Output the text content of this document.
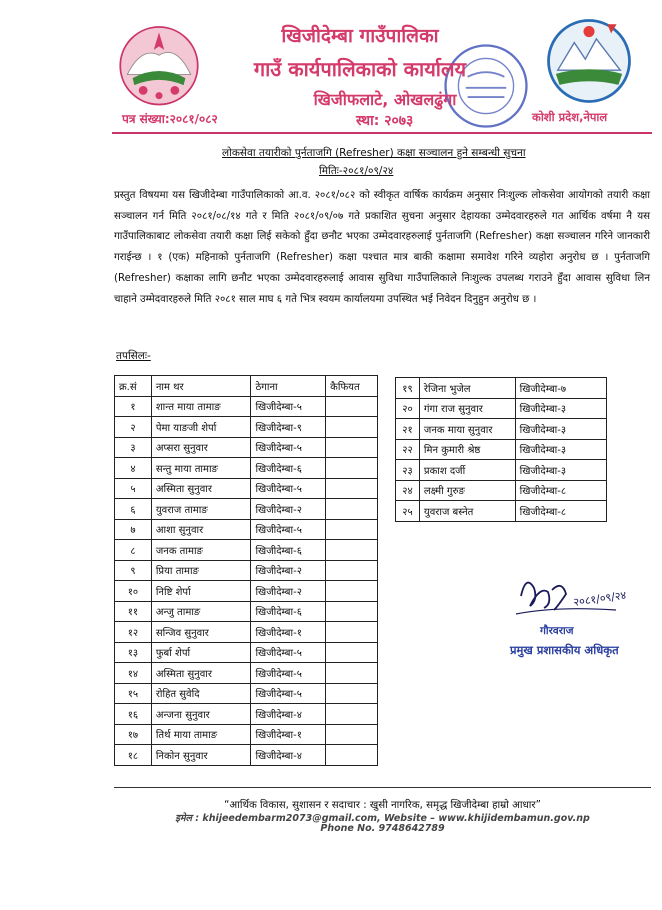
खिजीदेम्बा गाउँपालिका
गाउँ कार्यपालिकाको कार्यालय
खिजीफलाटे, ओखलढुंगा
पत्र संख्या:२०८१/०८२	स्था: २०७३	कोशी प्रदेश,नेपाल
लोकसेवा तयारीको पुर्नताजगि (Refresher) कक्षा सञ्चालन हुने सम्बन्धी सुचना
मितिः-२०८१/०९/२४
प्रस्तुत विषयमा यस खिजीदेम्बा गाउँपालिकाको आ.व. २०८१/०८२ को स्वीकृत वार्षिक कार्यक्रम अनुसार निःशुल्क लोकसेवा आयोगको तयारी कक्षा सञ्चालन गर्न मिति २०८१/०८/१४ गते र मिति २०८१/०९/०७ गते प्रकाशित सुचना अनुसार देहायका उम्मेदवारहरुले गत आर्थिक वर्षमा नै यस गाउँपालिकाबाट लोकसेवा तयारी कक्षा लिई सकेको हुँदा छनौट भएका उम्मेदवारहरुलाई पुर्नताजगि (Refresher) कक्षा सञ्चालन गरिने जानकारी गराईन्छ । १ (एक) महिनाको पुर्नताजगि (Refresher) कक्षा पश्चात मात्र बाकी कक्षामा समावेश गरिने व्यहोरा अनुरोध छ । पुर्नताजगि (Refresher) कक्षाका लागि छनौट भएका उम्मेदवारहरुलाई आवास सुविधा गाउँपालिकाले निःशुल्क उपलब्ध गराउने हुँदा आवास सुविधा लिन चाहाने उम्मेदवारहरुले मिति २०८१ साल माघ ६ गते भित्र स्वयम कार्यालयमा उपस्थित भई निवेदन दिनुहुन अनुरोध छ ।
तपसिलः-
क्र.सं	नाम थर	ठेगाना	कैफियत
१	शान्त माया तामाङ	खिजीदेम्बा-५	
२	पेमा याङजी शेर्पा	खिजीदेम्बा-९	
३	अप्सरा सुनुवार	खिजीदेम्बा-५	
४	सन्तु माया तामाङ	खिजीदेम्बा-६	
५	अस्मिता सुनुवार	खिजीदेम्बा-५	
६	युवराज तामाङ	खिजीदेम्बा-२	
७	आशा सुनुवार	खिजीदेम्बा-५	
८	जनक तामाङ	खिजीदेम्बा-६	
९	प्रिया तामाङ	खिजीदेम्बा-२	
१०	निष्टि शेर्पा	खिजीदेम्बा-२	
११	अन्जु तामाङ	खिजीदेम्बा-६	
१२	सन्जिव सुनुवार	खिजीदेम्बा-१	
१३	फुर्बा शेर्पा	खिजीदेम्बा-५	
१४	अस्मिता सुनुवार	खिजीदेम्बा-५	
१५	रोहित सुवेदि	खिजीदेम्बा-५	
१६	अन्जना सुनुवार	खिजीदेम्बा-४	
१७	तिर्थ माया तामाङ	खिजीदेम्बा-१	
१८	निकोन सुनुवार	खिजीदेम्बा-४	
१९	रेजिना भुजेल	खिजीदेम्बा-७
२०	गंगा राज सुनुवार	खिजीदेम्बा-३
२१	जनक माया सुनुवार	खिजीदेम्बा-३
२२	मिन कुमारी श्रेष्ठ	खिजीदेम्बा-३
२३	प्रकाश दर्जी	खिजीदेम्बा-३
२४	लक्ष्मी गुरुङ	खिजीदेम्बा-८
२५	युवराज बस्नेत	खिजीदेम्बा-८
२०८१/०९/२४
गौरवराज
प्रमुख प्रशासकीय अधिकृत
“आर्थिक विकास, सुशासन र सदाचार : खुसी नागरिक, समृद्ध खिजीदेम्बा हाम्रो आधार”
इमेल : khijeedembarm2073@gmail.com, Website – www.khijidembamun.gov.np
Phone No. 9748642789
